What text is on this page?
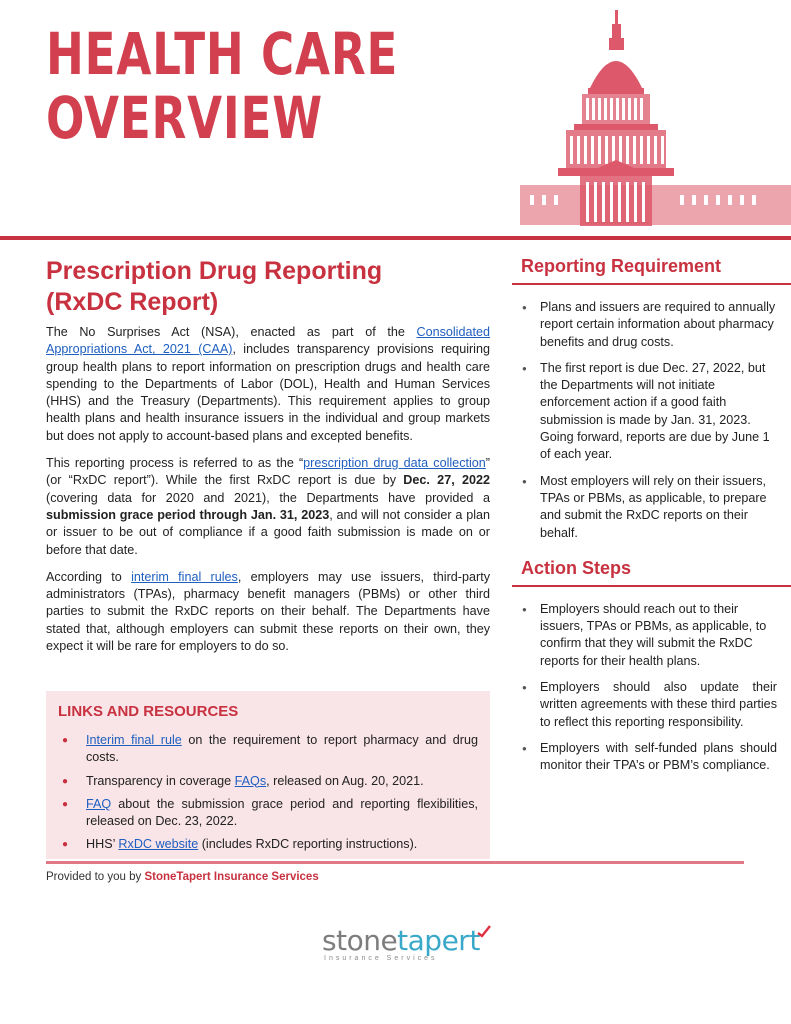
HEALTH CARE
OVERVIEW
Prescription Drug Reporting
(RxDC Report)

The No Surprises Act (NSA), enacted as part of the Consolidated Appropriations Act, 2021 (CAA), includes transparency provisions requiring group health plans to report information on prescription drugs and health care spending to the Departments of Labor (DOL), Health and Human Services (HHS) and the Treasury (Departments). This requirement applies to group health plans and health insurance issuers in the individual and group markets but does not apply to account-based plans and excepted benefits.

This reporting process is referred to as the “prescription drug data collection” (or “RxDC report”). While the first RxDC report is due by Dec. 27, 2022 (covering data for 2020 and 2021), the Departments have provided a submission grace period through Jan. 31, 2023, and will not consider a plan or issuer to be out of compliance if a good faith submission is made on or before that date.

According to interim final rules, employers may use issuers, third-party administrators (TPAs), pharmacy benefit managers (PBMs) or other third parties to submit the RxDC reports on their behalf. The Departments have stated that, although employers can submit these reports on their own, they expect it will be rare for employers to do so.

LINKS AND RESOURCES
● Interim final rule on the requirement to report pharmacy and drug costs.
● Transparency in coverage FAQs, released on Aug. 20, 2021.
● FAQ about the submission grace period and reporting flexibilities, released on Dec. 23, 2022.
● HHS’ RxDC website (includes RxDC reporting instructions).
Provided to you by StoneTapert Insurance Services
stonetapert
Insurance Services
Reporting Requirement
● Plans and issuers are required to annually report certain information about pharmacy benefits and drug costs.
● The first report is due Dec. 27, 2022, but the Departments will not initiate enforcement action if a good faith submission is made by Jan. 31, 2023. Going forward, reports are due by June 1 of each year.
● Most employers will rely on their issuers, TPAs or PBMs, as applicable, to prepare and submit the RxDC reports on their behalf.
Action Steps
● Employers should reach out to their issuers, TPAs or PBMs, as applicable, to confirm that they will submit the RxDC reports for their health plans.
● Employers should also update their written agreements with these third parties to reflect this reporting responsibility.
● Employers with self-funded plans should monitor their TPA’s or PBM’s compliance.
